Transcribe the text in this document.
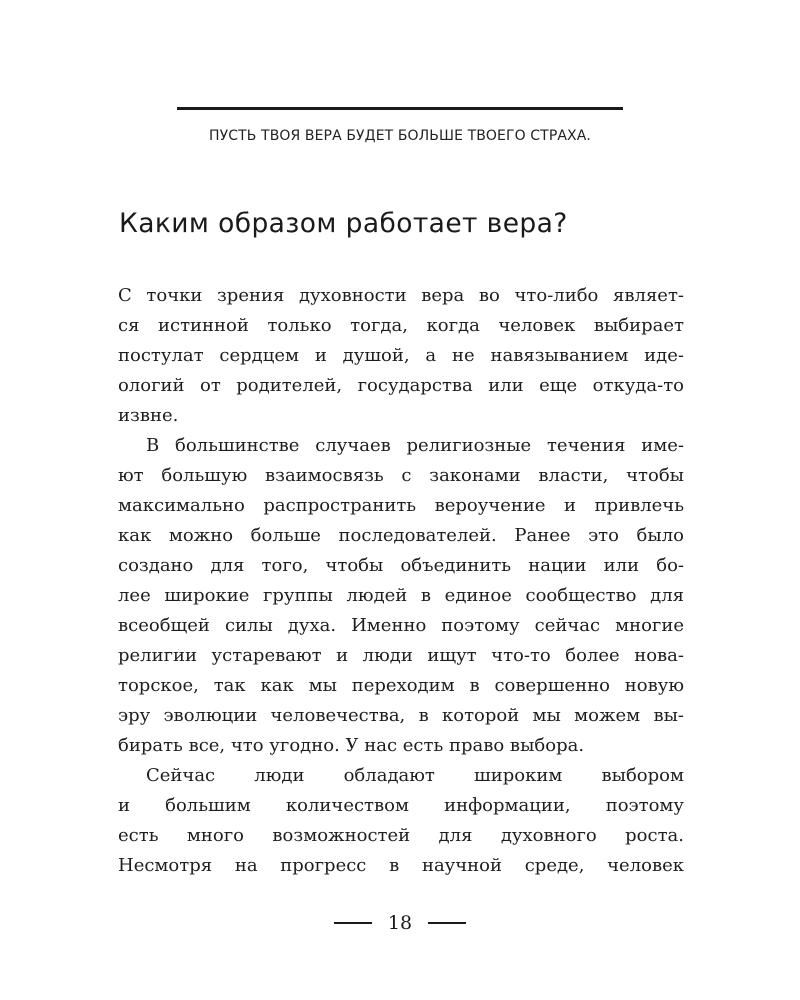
ПУСТЬ ТВОЯ ВЕРА БУДЕТ БОЛЬШЕ ТВОЕГО СТРАХА.
Каким образом работает вера?
С точки зрения духовности вера во что-либо являет-
ся истинной только тогда, когда человек выбирает
постулат сердцем и душой, а не навязыванием иде-
ологий от родителей, государства или еще откуда-то
извне.
В большинстве случаев религиозные течения име-
ют большую взаимосвязь с законами власти, чтобы
максимально распространить вероучение и привлечь
как можно больше последователей. Ранее это было
создано для того, чтобы объединить нации или бо-
лее широкие группы людей в единое сообщество для
всеобщей силы духа. Именно поэтому сейчас многие
религии устаревают и люди ищут что-то более нова-
торское, так как мы переходим в совершенно новую
эру эволюции человечества, в которой мы можем вы-
бирать все, что угодно. У нас есть право выбора.
Сейчас люди обладают широким выбором
и большим количеством информации, поэтому
есть много возможностей для духовного роста.
Несмотря на прогресс в научной среде, человек
18
